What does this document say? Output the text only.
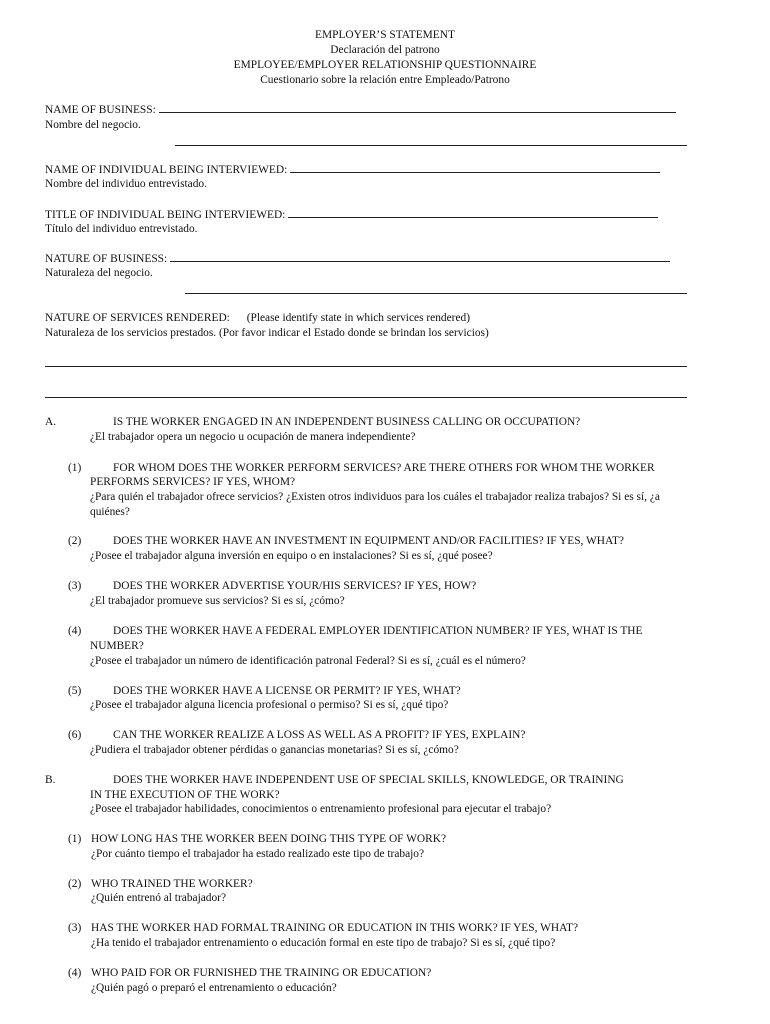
EMPLOYER’S STATEMENT
Declaración del patrono
EMPLOYEE/EMPLOYER RELATIONSHIP QUESTIONNAIRE
Cuestionario sobre la relación entre Empleado/Patrono
NAME OF BUSINESS:
Nombre del negocio.
NAME OF INDIVIDUAL BEING INTERVIEWED:
Nombre del individuo entrevistado.
TITLE OF INDIVIDUAL BEING INTERVIEWED:
Título del individuo entrevistado.
NATURE OF BUSINESS:
Naturaleza del negocio.
NATURE OF SERVICES RENDERED: (Please identify state in which services rendered)
Naturaleza de los servicios prestados. (Por favor indicar el Estado donde se brindan los servicios)
A.	IS THE WORKER ENGAGED IN AN INDEPENDENT BUSINESS CALLING OR OCCUPATION?
¿El trabajador opera un negocio u ocupación de manera independiente?
(1)	FOR WHOM DOES THE WORKER PERFORM SERVICES? ARE THERE OTHERS FOR WHOM THE WORKER
PERFORMS SERVICES? IF YES, WHOM?
¿Para quién el trabajador ofrece servicios? ¿Existen otros individuos para los cuáles el trabajador realiza trabajos? Si es sí, ¿a
quiénes?
(2)	DOES THE WORKER HAVE AN INVESTMENT IN EQUIPMENT AND/OR FACILITIES? IF YES, WHAT?
¿Posee el trabajador alguna inversión en equipo o en instalaciones? Si es sí, ¿qué posee?
(3)	DOES THE WORKER ADVERTISE YOUR/HIS SERVICES? IF YES, HOW?
¿El trabajador promueve sus servicios? Si es sí, ¿cómo?
(4)	DOES THE WORKER HAVE A FEDERAL EMPLOYER IDENTIFICATION NUMBER? IF YES, WHAT IS THE
NUMBER?
¿Posee el trabajador un número de identificación patronal Federal? Si es sí, ¿cuál es el número?
(5)	DOES THE WORKER HAVE A LICENSE OR PERMIT? IF YES, WHAT?
¿Posee el trabajador alguna licencia profesional o permiso? Si es sí, ¿qué tipo?
(6)	CAN THE WORKER REALIZE A LOSS AS WELL AS A PROFIT? IF YES, EXPLAIN?
¿Pudiera el trabajador obtener pérdidas o ganancias monetarias? Si es sí, ¿cómo?
B.	DOES THE WORKER HAVE INDEPENDENT USE OF SPECIAL SKILLS, KNOWLEDGE, OR TRAINING
IN THE EXECUTION OF THE WORK?
¿Posee el trabajador habilidades, conocimientos o entrenamiento profesional para ejecutar el trabajo?
(1) HOW LONG HAS THE WORKER BEEN DOING THIS TYPE OF WORK?
¿Por cuánto tiempo el trabajador ha estado realizado este tipo de trabajo?
(2) WHO TRAINED THE WORKER?
¿Quién entrenó al trabajador?
(3) HAS THE WORKER HAD FORMAL TRAINING OR EDUCATION IN THIS WORK? IF YES, WHAT?
¿Ha tenido el trabajador entrenamiento o educación formal en este tipo de trabajo? Si es sí, ¿qué tipo?
(4) WHO PAID FOR OR FURNISHED THE TRAINING OR EDUCATION?
¿Quién pagó o preparó el entrenamiento o educación?
